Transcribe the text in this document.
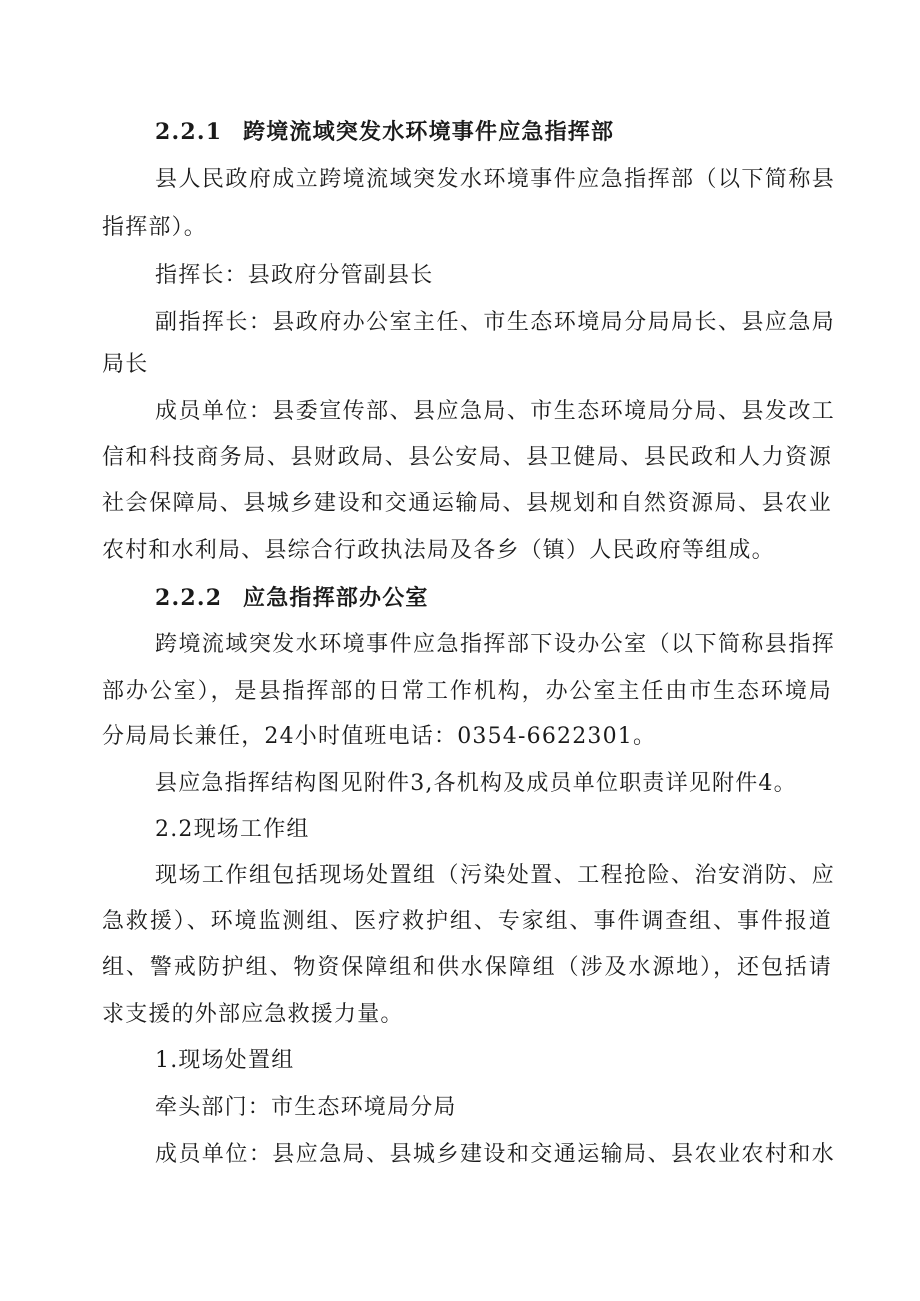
2.2.1 跨境流域突发水环境事件应急指挥部
县人民政府成立跨境流域突发水环境事件应急指挥部（以下简称县
指挥部）。
指挥长：县政府分管副县长
副指挥长：县政府办公室主任、市生态环境局分局局长、县应急局
局长
成员单位：县委宣传部、县应急局、市生态环境局分局、县发改工
信和科技商务局、县财政局、县公安局、县卫健局、县民政和人力资源
社会保障局、县城乡建设和交通运输局、县规划和自然资源局、县农业
农村和水利局、县综合行政执法局及各乡（镇）人民政府等组成。
2.2.2 应急指挥部办公室
跨境流域突发水环境事件应急指挥部下设办公室（以下简称县指挥
部办公室），是县指挥部的日常工作机构，办公室主任由市生态环境局
分局局长兼任，24小时值班电话：0354-6622301。
县应急指挥结构图见附件3,各机构及成员单位职责详见附件4。
2.2现场工作组
现场工作组包括现场处置组（污染处置、工程抢险、治安消防、应
急救援）、环境监测组、医疗救护组、专家组、事件调查组、事件报道
组、警戒防护组、物资保障组和供水保障组（涉及水源地），还包括请
求支援的外部应急救援力量。
1.现场处置组
牵头部门：市生态环境局分局
成员单位：县应急局、县城乡建设和交通运输局、县农业农村和水
